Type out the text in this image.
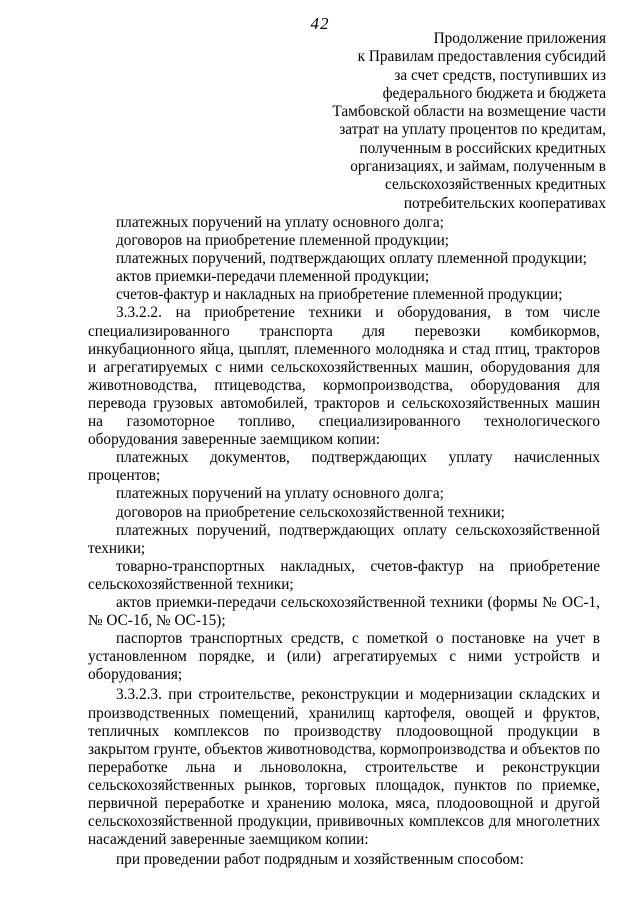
42
Продолжение приложения
к Правилам предоставления субсидий
за счет средств, поступивших из
федерального бюджета и бюджета
Тамбовской области на возмещение части
затрат на уплату процентов по кредитам,
полученным в российских кредитных
организациях, и займам, полученным в
сельскохозяйственных кредитных
потребительских кооперативах

платежных поручений на уплату основного долга;

договоров на приобретение племенной продукции;

платежных поручений, подтверждающих оплату племенной продукции;

актов приемки-передачи племенной продукции;

счетов-фактур и накладных на приобретение племенной продукции;

3.3.2.2. на приобретение техники и оборудования, в том числе специализированного транспорта для перевозки комбикормов, инкубационного яйца, цыплят, племенного молодняка и стад птиц, тракторов и агрегатируемых с ними сельскохозяйственных машин, оборудования для животноводства, птицеводства, кормопроизводства, оборудования для перевода грузовых автомобилей, тракторов и сельскохозяйственных машин на газомоторное топливо, специализированного технологического оборудования заверенные заемщиком копии:

платежных документов, подтверждающих уплату начисленных процентов;

платежных поручений на уплату основного долга;

договоров на приобретение сельскохозяйственной техники;

платежных поручений, подтверждающих оплату сельскохозяйственной техники;

товарно-транспортных накладных, счетов-фактур на приобретение сельскохозяйственной техники;

актов приемки-передачи сельскохозяйственной техники (формы № ОС-1, № ОС-1б, № ОС-15);

паспортов транспортных средств, с пометкой о постановке на учет в установленном порядке, и (или) агрегатируемых с ними устройств и оборудования;

3.3.2.3. при строительстве, реконструкции и модернизации складских и производственных помещений, хранилищ картофеля, овощей и фруктов, тепличных комплексов по производству плодоовощной продукции в закрытом грунте, объектов животноводства, кормопроизводства и объектов по переработке льна и льноволокна, строительстве и реконструкции сельскохозяйственных рынков, торговых площадок, пунктов по приемке, первичной переработке и хранению молока, мяса, плодоовощной и другой сельскохозяйственной продукции, прививочных комплексов для многолетних насаждений заверенные заемщиком копии:

при проведении работ подрядным и хозяйственным способом:
